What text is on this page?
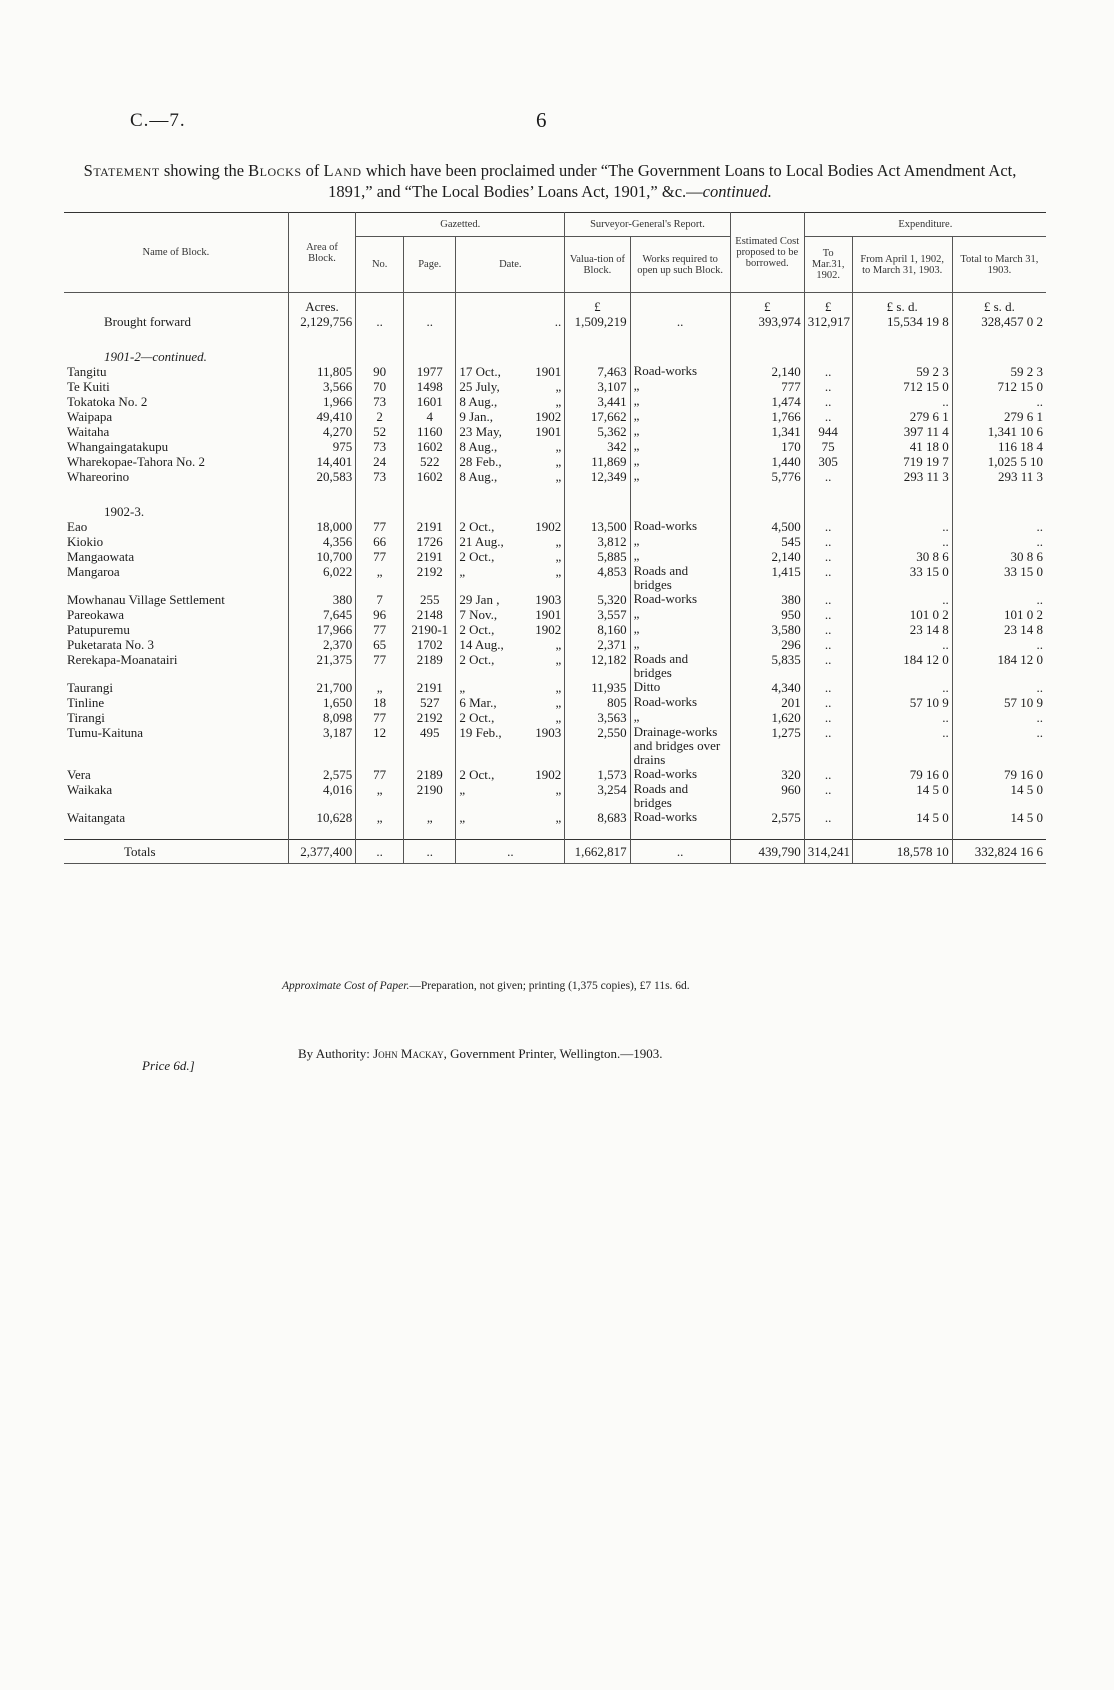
C.—7.	6
Statement showing the Blocks of Land which have been proclaimed under “The Government Loans to Local Bodies Act Amendment Act, 1891,” and “The Local Bodies’ Loans Act, 1901,” &c.—continued.
Name of Block.	Area of Block.	Gazetted.			Surveyor-General's Report.		Estimated Cost proposed to be borrowed.	Expenditure.		
		No.	Page.	Date.	Valua-tion of Block.	Works required to open up such Block.		To Mar.31, 1902.	From April 1, 1902, to March 31, 1903.	Total to March 31, 1903.
	Acres.				£		£	£	£ s. d.	£ s. d.
Brought forward	2,129,756	..	..	..	1,509,219	..	393,974	312,917	15,534 19 8	328,457 0 2

1901-2—continued.										
Tangitu	11,805	90	1977	17 Oct., 1901	7,463	Road-works	2,140	..	59 2 3	59 2 3
Te Kuiti	3,566	70	1498	25 July, „	3,107	„	777	..	712 15 0	712 15 0
Tokatoka No. 2	1,966	73	1601	8 Aug., „	3,441	„	1,474	..	..	..
Waipapa	49,410	2	4	9 Jan., 1902	17,662	„	1,766	..	279 6 1	279 6 1
Waitaha	4,270	52	1160	23 May, 1901	5,362	„	1,341	944	397 11 4	1,341 10 6
Whangaingatakupu	975	73	1602	8 Aug., „	342	„	170	75	41 18 0	116 18 4
Wharekopae-Tahora No. 2	14,401	24	522	28 Feb., „	11,869	„	1,440	305	719 19 7	1,025 5 10
Whareorino	20,583	73	1602	8 Aug., „	12,349	„	5,776	..	293 11 3	293 11 3

1902-3.										
Eao	18,000	77	2191	2 Oct., 1902	13,500	Road-works	4,500	..	..	..
Kiokio	4,356	66	1726	21 Aug., „	3,812	„	545	..	..	..
Mangaowata	10,700	77	2191	2 Oct., „	5,885	„	2,140	..	30 8 6	30 8 6
Mangaroa	6,022	„	2192	„ „	4,853	Roads and bridges	1,415	..	33 15 0	33 15 0
Mowhanau Village Settlement	380	7	255	29 Jan , 1903	5,320	Road-works	380	..	..	..
Pareokawa	7,645	96	2148	7 Nov., 1901	3,557	„	950	..	101 0 2	101 0 2
Patupuremu	17,966	77	2190-1	2 Oct., 1902	8,160	„	3,580	..	23 14 8	23 14 8
Puketarata No. 3	2,370	65	1702	14 Aug., „	2,371	„	296	..	..	..
Rerekapa-Moanatairi	21,375	77	2189	2 Oct., „	12,182	Roads and bridges	5,835	..	184 12 0	184 12 0
Taurangi	21,700	„	2191	„ „	11,935	Ditto	4,340	..	..	..
Tinline	1,650	18	527	6 Mar., „	805	Road-works	201	..	57 10 9	57 10 9
Tirangi	8,098	77	2192	2 Oct., „	3,563	„	1,620	..	..	..
Tumu-Kaituna	3,187	12	495	19 Feb., 1903	2,550	Drainage-works and bridges over drains	1,275	..	..	..
Vera	2,575	77	2189	2 Oct., 1902	1,573	Road-works	320	..	79 16 0	79 16 0
Waikaka	4,016	„	2190	„ „	3,254	Roads and bridges	960	..	14 5 0	14 5 0
Waitangata	10,628	„	„	„ „	8,683	Road-works	2,575	..	14 5 0	14 5 0

Totals	2,377,400	..	..	..	1,662,817	..	439,790	314,241	18,578 10	332,824 16 6
Approximate Cost of Paper.—Preparation, not given; printing (1,375 copies), £7 11s. 6d.
Price 6d.]
By Authority: John Mackay, Government Printer, Wellington.—1903.
